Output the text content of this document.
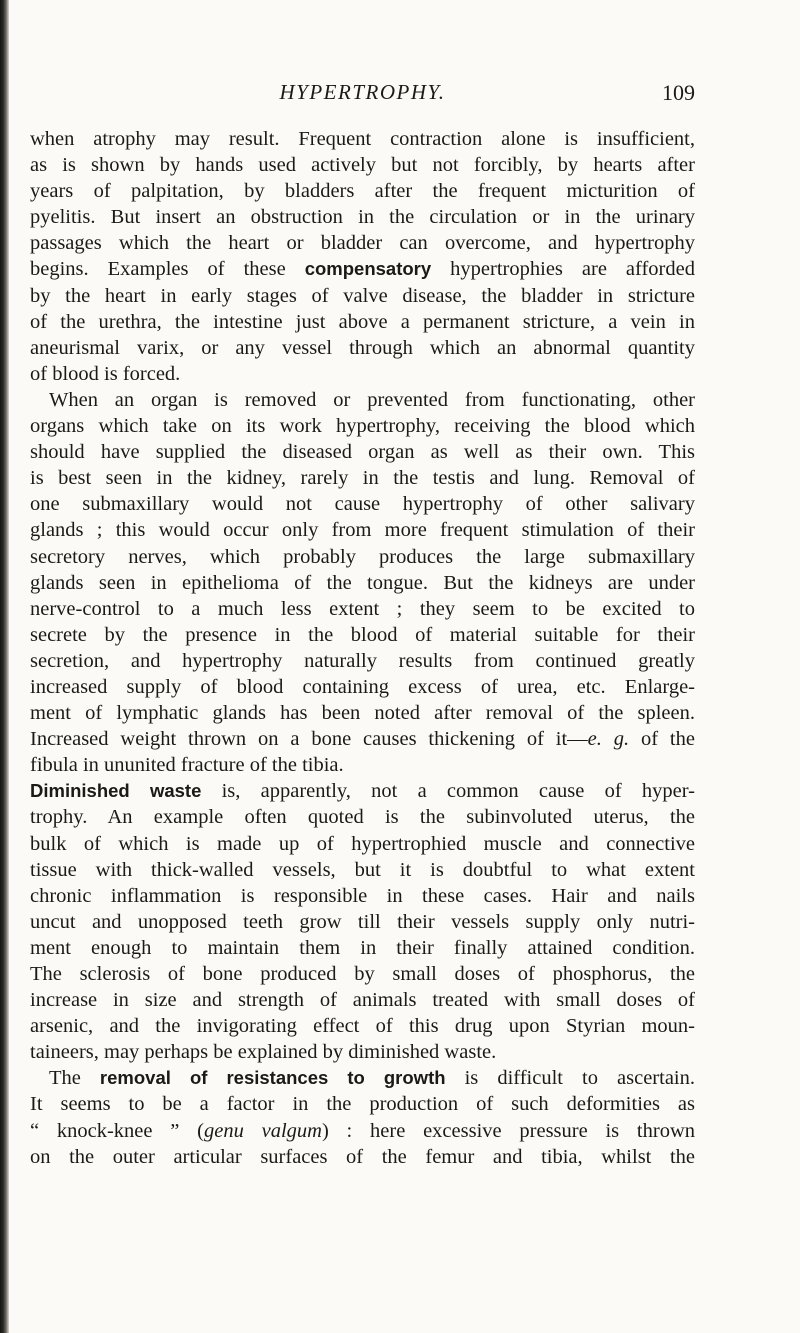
HYPERTROPHY.	109
when atrophy may result. Frequent contraction alone is insufficient,
as is shown by hands used actively but not forcibly, by hearts after
years of palpitation, by bladders after the frequent micturition of
pyelitis. But insert an obstruction in the circulation or in the urinary
passages which the heart or bladder can overcome, and hypertrophy
begins. Examples of these compensatory hypertrophies are afforded
by the heart in early stages of valve disease, the bladder in stricture
of the urethra, the intestine just above a permanent stricture, a vein in
aneurismal varix, or any vessel through which an abnormal quantity
of blood is forced.
When an organ is removed or prevented from functionating, other
organs which take on its work hypertrophy, receiving the blood which
should have supplied the diseased organ as well as their own. This
is best seen in the kidney, rarely in the testis and lung. Removal of
one submaxillary would not cause hypertrophy of other salivary
glands ; this would occur only from more frequent stimulation of their
secretory nerves, which probably produces the large submaxillary
glands seen in epithelioma of the tongue. But the kidneys are under
nerve-control to a much less extent ; they seem to be excited to
secrete by the presence in the blood of material suitable for their
secretion, and hypertrophy naturally results from continued greatly
increased supply of blood containing excess of urea, etc. Enlarge-
ment of lymphatic glands has been noted after removal of the spleen.
Increased weight thrown on a bone causes thickening of it—e. g. of the
fibula in ununited fracture of the tibia.
Diminished waste is, apparently, not a common cause of hyper-
trophy. An example often quoted is the subinvoluted uterus, the
bulk of which is made up of hypertrophied muscle and connective
tissue with thick-walled vessels, but it is doubtful to what extent
chronic inflammation is responsible in these cases. Hair and nails
uncut and unopposed teeth grow till their vessels supply only nutri-
ment enough to maintain them in their finally attained condition.
The sclerosis of bone produced by small doses of phosphorus, the
increase in size and strength of animals treated with small doses of
arsenic, and the invigorating effect of this drug upon Styrian moun-
taineers, may perhaps be explained by diminished waste.
The removal of resistances to growth is difficult to ascertain.
It seems to be a factor in the production of such deformities as
“ knock-knee ” (genu valgum) : here excessive pressure is thrown
on the outer articular surfaces of the femur and tibia, whilst the
